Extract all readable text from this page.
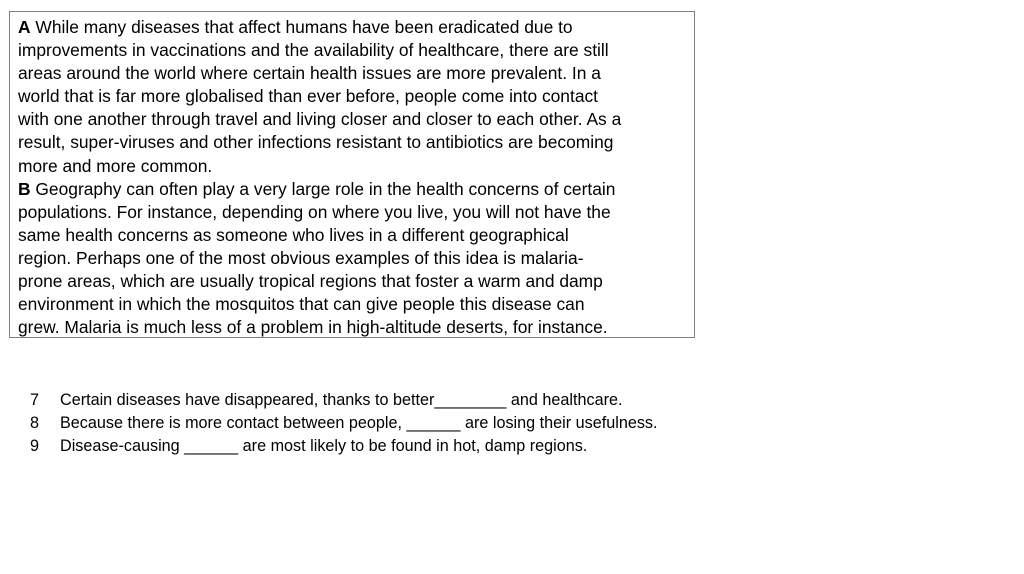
A While many diseases that affect humans have been eradicated due to

improvements in vaccinations and the availability of healthcare, there are still

areas around the world where certain health issues are more prevalent. In a

world that is far more globalised than ever before, people come into contact

with one another through travel and living closer and closer to each other. As a

result, super-viruses and other infections resistant to antibiotics are becoming

more and more common.

B Geography can often play a very large role in the health concerns of certain

populations. For instance, depending on where you live, you will not have the

same health concerns as someone who lives in a different geographical

region. Perhaps one of the most obvious examples of this idea is malaria-

prone areas, which are usually tropical regions that foster a warm and damp

environment in which the mosquitos that can give people this disease can

grew. Malaria is much less of a problem in high-altitude deserts, for instance.

7	Certain diseases have disappeared, thanks to better________ and healthcare.
8	Because there is more contact between people, ______ are losing their usefulness.
9	Disease-causing ______ are most likely to be found in hot, damp regions.
